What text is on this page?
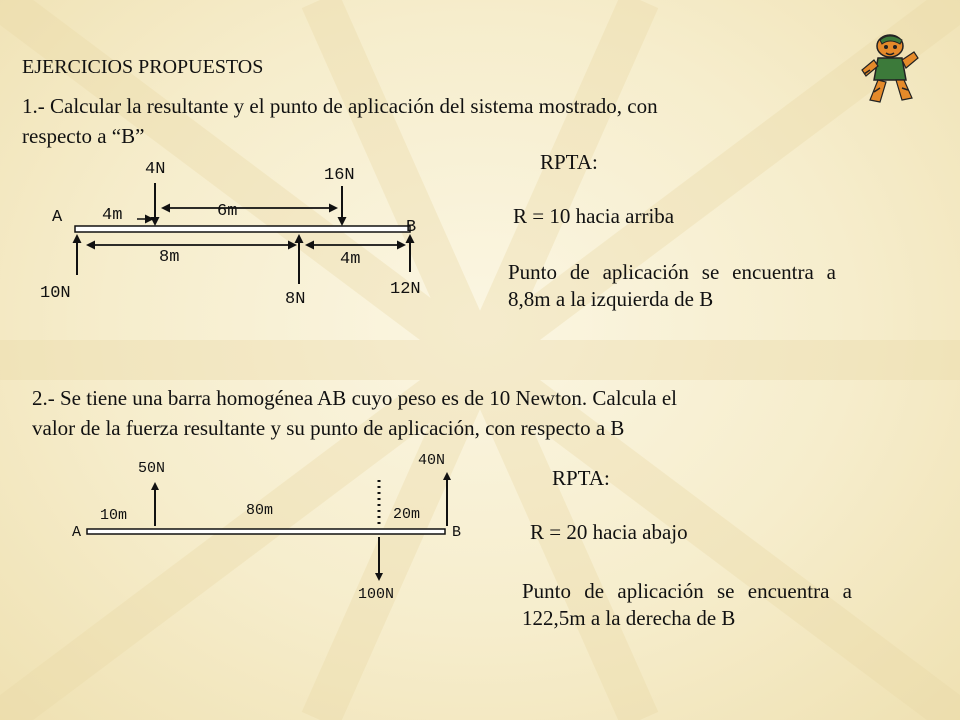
EJERCICIOS PROPUESTOS
1.- Calcular la resultante y el punto de aplicación del sistema mostrado, con
respecto a “B”
A
B
4N	16N
10N	8N
12N
4m	6m
8m	4m
RPTA:
R = 10 hacia arriba
Punto de aplicación se encuentra a 8,8m a la izquierda de B
2.- Se tiene una barra homogénea AB cuyo peso es de 10 Newton. Calcula el
valor de la fuerza resultante y su punto de aplicación, con respecto a B
A	B
50N	40N
100N
10m	80m	20m
RPTA:
R = 20 hacia abajo
Punto de aplicación se encuentra a 122,5m a la derecha de B
